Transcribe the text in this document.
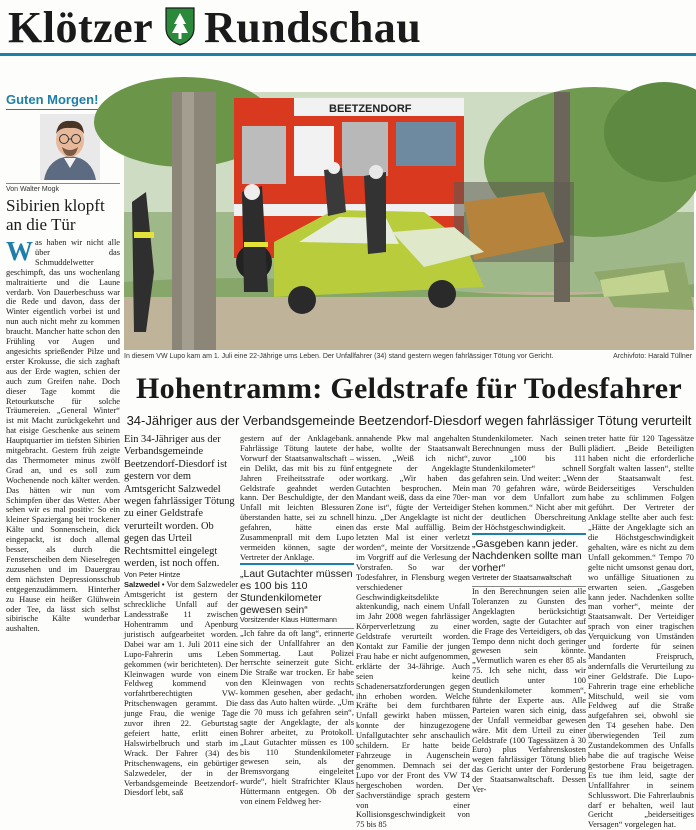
Klötzer Rundschau
Guten Morgen!
Von Walter Mogk
Sibirien klopft an die Tür
Was haben wir nicht alle über das Schmuddelwetter geschimpft, das uns wochenlang maltraitierte und die Laune verdarb. Von Dauerbeschuss war die Rede und davon, dass der Winter eigentlich vorbei ist und nun auch nicht mehr zu kommen braucht. Mancher hatte schon den Frühling vor Augen und angesichts sprießender Pilze und erster Krokusse, die sich zaghaft aus der Erde wagten, schien der auch zum Greifen nahe. Doch dieser Tage kommt die Retourkutsche für solche Träumereien. „General Winter“ ist mit Macht zurückgekehrt und hat eisige Geschenke aus seinem Hauptquartier im tiefsten Sibirien mitgebracht. Gestern früh zeigte das Thermometer minus zwölf Grad an, und es soll zum Wochenende noch kälter werden. Das hätten wir nun vom Schimpfen über das Wetter. Aber sehen wir es mal positiv: So ein kleiner Spaziergang bei trockener Kälte und Sonnenschein, dick eingepackt, ist doch allemal besser, als durch die Fensterscheiben dem Nieselregen zuzusehen und im Dauergrau dem nächsten Depressionsschub entgegenzudämmern. Hinterher zu Hause ein heißer Glühwein oder Tee, da lässt sich selbst sibirische Kälte wunderbar aushalten.
BEETZENDORF
In diesem VW Lupo kam am 1. Juli eine 22-Jährige ums Leben. Der Unfallfahrer (34) stand gestern wegen fahrlässiger Tötung vor Gericht.	Archivfoto: Harald Tüllner
Hohentramm: Geldstrafe für Todesfahrer
34-Jähriger aus der Verbandsgemeinde Beetzendorf-Diesdorf wegen fahrlässiger Tötung verurteilt

Ein 34-Jähriger aus der Verbandsgemeinde Beetzendorf-Diesdorf ist gestern vor dem Amtsgericht Salzwedel wegen fahrlässiger Tötung zu einer Geldstrafe verurteilt worden. Ob gegen das Urteil Rechtsmittel eingelegt werden, ist noch offen.

Von Peter Hintze

Salzwedel • Vor dem Salzwedeler Amtsgericht ist gestern der schreckliche Unfall auf der Landesstraße 11 zwischen Hohentramm und Apenburg juristisch aufgearbeitet worden. Dabei war am 1. Juli 2011 eine Lupo-Fahrerin ums Leben gekommen (wir berichteten). Der Kleinwagen wurde von einem Feldweg kommend von vorfahrtberechtigten VW-Pritschenwagen gerammt. Die junge Frau, die wenige Tage zuvor ihren 22. Geburtstag gefeiert hatte, erlitt einen Halswirbelbruch und starb im Wrack. Der Fahrer (34) des Pritschenwagens, ein gebürtiger Salzwedeler, der in der Verbandsgemeinde Beetzendorf-Diesdorf lebt, saß

gestern auf der Anklagebank. Fahrlässige Tötung lautete der Vorwurf der Staatsanwaltschaft – ein Delikt, das mit bis zu fünf Jahren Freiheitsstrafe oder Geldstrafe geahndet werden kann. Der Beschuldigte, der den Unfall mit leichten Blessuren überstanden hatte, sei zu schnell gefahren, hätte einen Zusammenprall mit dem Lupo vermeiden können, sagte der Vertreter der Anklage.

„Laut Gutachter müssen es 100 bis 110 Stundenkilometer gewesen sein“

Vorsitzender Klaus Hüttermann

„Ich fahre da oft lang“, erinnerte sich der Unfallfahrer an den Sommertag. Laut Polizei herrschte seinerzeit gute Sicht. Die Straße war trocken. Er habe den Kleinwagen von rechts kommen gesehen, aber gedacht, dass das Auto halten würde. „Um die 70 muss ich gefahren sein“, sagte der Angeklagte, der als Bohrer arbeitet, zu Protokoll. „Laut Gutachter müssen es 100 bis 110 Stundenkilometer gewesen sein, als der Bremsvorgang eingeleitet wurde“, hielt Strafrichter Klaus Hüttermann entgegen. Ob der von einem Feldweg her-

annahende Pkw mal angehalten habe, wollte der Staatsanwalt wissen. „Weiß ich nicht“, entgegnete der Angeklagte wortkarg. „Wir haben das Gutachten besprochen. Mein Mandant weiß, dass da eine 70er-Zone ist“, fügte der Verteidiger hinzu. „Der Angeklagte ist nicht das erste Mal auffällig. Beim letzten Mal ist einer verletzt worden“, meinte der Vorsitzende im Vorgriff auf die Verlesung der Vorstrafen. So war der Todesfahrer, in Flensburg wegen verschiedener Geschwindigkeitsdelikte aktenkundig, nach einem Unfall im Jahr 2008 wegen fahrlässiger Körperverletzung zu einer Geldstrafe verurteilt worden. Kontakt zur Familie der jungen Frau habe er nicht aufgenommen, erklärte der 34-Jährige. Auch seien keine Schadenersatzforderungen gegen ihn erhoben worden. Welche Kräfte bei dem furchtbaren Unfall gewirkt haben müssen, konnte der hinzugezogene Unfallgutachter sehr anschaulich schildern. Er hatte beide Fahrzeuge in Augenschein genommen. Demnach sei der Lupo vor der Front des VW T4 hergeschoben worden. Der Sachverständige sprach gestern von einer Kollisionsgeschwindigkeit von 75 bis 85

Stundenkilometer. Nach seinen Berechnungen muss der Bulli zuvor „100 bis 111 Stundenkilometer“ schnell gefahren sein. Und weiter: „Wenn man 70 gefahren wäre, würde man vor dem Unfallort zum Stehen kommen.“ Nicht aber mit der deutlichen Überschreitung der Höchstgeschwindigkeit.

„Gasgeben kann jeder. Nachdenken sollte man vorher“

Vertreter der Staatsanwaltschaft

In den Berechnungen seien alle Toleranzen zu Gunsten des Angeklagten berücksichtigt worden, sagte der Gutachter auf die Frage des Verteidigers, ob das Tempo denn nicht doch geringer gewesen sein könnte. „Vermutlich waren es eher 85 als 75. Ich sehe nicht, dass wir deutlich unter 100 Stundenkilometer kommen“, führte der Experte aus. Alle Parteien waren sich einig, dass der Unfall vermeidbar gewesen wäre. Mit dem Urteil zu einer Geldstrafe (100 Tagessätzen à 30 Euro) plus Verfahrenskosten wegen fahrlässiger Tötung blieb das Gericht unter der Forderung der Staatsanwaltschaft. Dessen Ver-

treter hatte für 120 Tagessätze plädiert. „Beide Beteiligten haben nicht die erforderliche Sorgfalt walten lassen“, stellte der Staatsanwalt fest. Beiderseitiges Verschulden habe zu schlimmen Folgen geführt. Der Vertreter der Anklage stellte aber auch fest: „Hätte der Angeklagte sich an die Höchstgeschwindigkeit gehalten, wäre es nicht zu dem Unfall gekommen.“ Tempo 70 gelte nicht umsonst genau dort, wo unfällige Situationen zu erwarten seien. „Gasgeben kann jeder. Nachdenken sollte man vorher“, meinte der Staatsanwalt. Der Verteidiger sprach von einer tragischen Verquickung von Umständen und forderte für seinen Mandanten Freispruch, andernfalls die Verurteilung zu einer Geldstrafe. Die Lupo-Fahrerin trage eine erhebliche Mitschuld, weil sie vom Feldweg auf die Straße aufgefahren sei, obwohl sie den T4 gesehen habe. Den überwiegenden Teil zum Zustandekommen des Unfalls habe die auf tragische Weise gestorbene Frau beigetragen. Es tue ihm leid, sagte der Unfallfahrer in seinem Schlusswort. Die Fahrerlaubnis darf er behalten, weil laut Gericht „beiderseitiges Versagen“ vorgelegen hat.
